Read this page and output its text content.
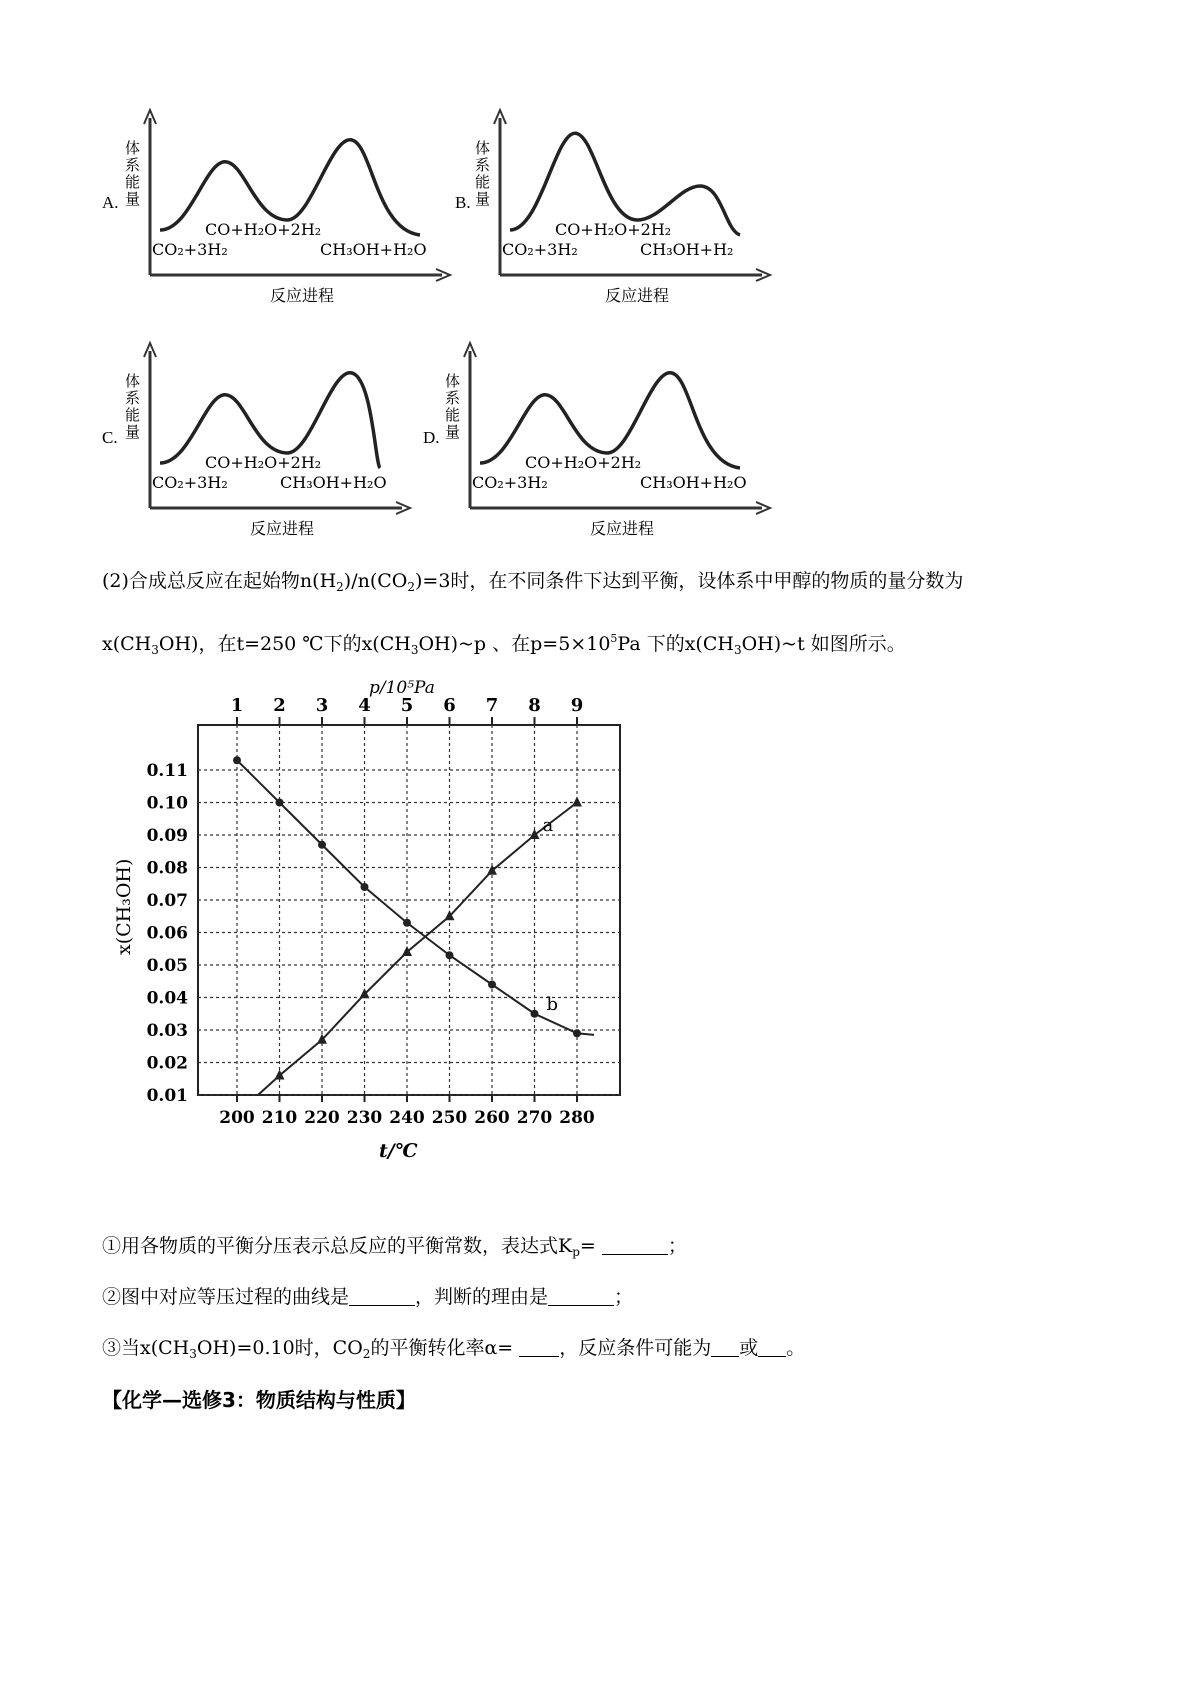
A. 体系能量
反应进程
CO+H₂O+2H₂
CO₂+3H₂	CH₃OH+H₂O
B. 体系能量
反应进程
CO+H₂O+2H₂
CO₂+3H₂	CH₃OH+H₂
C. 体系能量
反应进程
CO+H₂O+2H₂
CO₂+3H₂	CH₃OH+H₂O
D. 体系能量
反应进程
CO+H₂O+2H₂
CO₂+3H₂	CH₃OH+H₂O
(2)合成总反应在起始物$n(H_2)/n(CO_2)=3$时，在不同条件下达到平衡，设体系中甲醇的物质的量分数为
$x(CH_3OH)$，在t=250 ℃下的$x(CH_3OH)\sim p$ 、在$p=5\times 10^5Pa$ 下的$x(CH_3OH)\sim t$ 如图所示。
0.11
0.10
0.09
0.08
0.07
0.06
0.05
0.04
0.03
0.02
0.01
1 2 3 4 5 6 7 8 9
p/10⁵Pa
200 210 220 230 240 250 260 270 280
t/℃
x(CH₃OH)
a
b
①用各物质的平衡分压表示总反应的平衡常数，表达式$K_p=$	；
②图中对应等压过程的曲线是	，判断的理由是	；
③当$x(CH_3OH)=0.10$时，$CO_2$的平衡转化率α= ，反应条件可能为 或 。
【化学—选修3：物质结构与性质】
